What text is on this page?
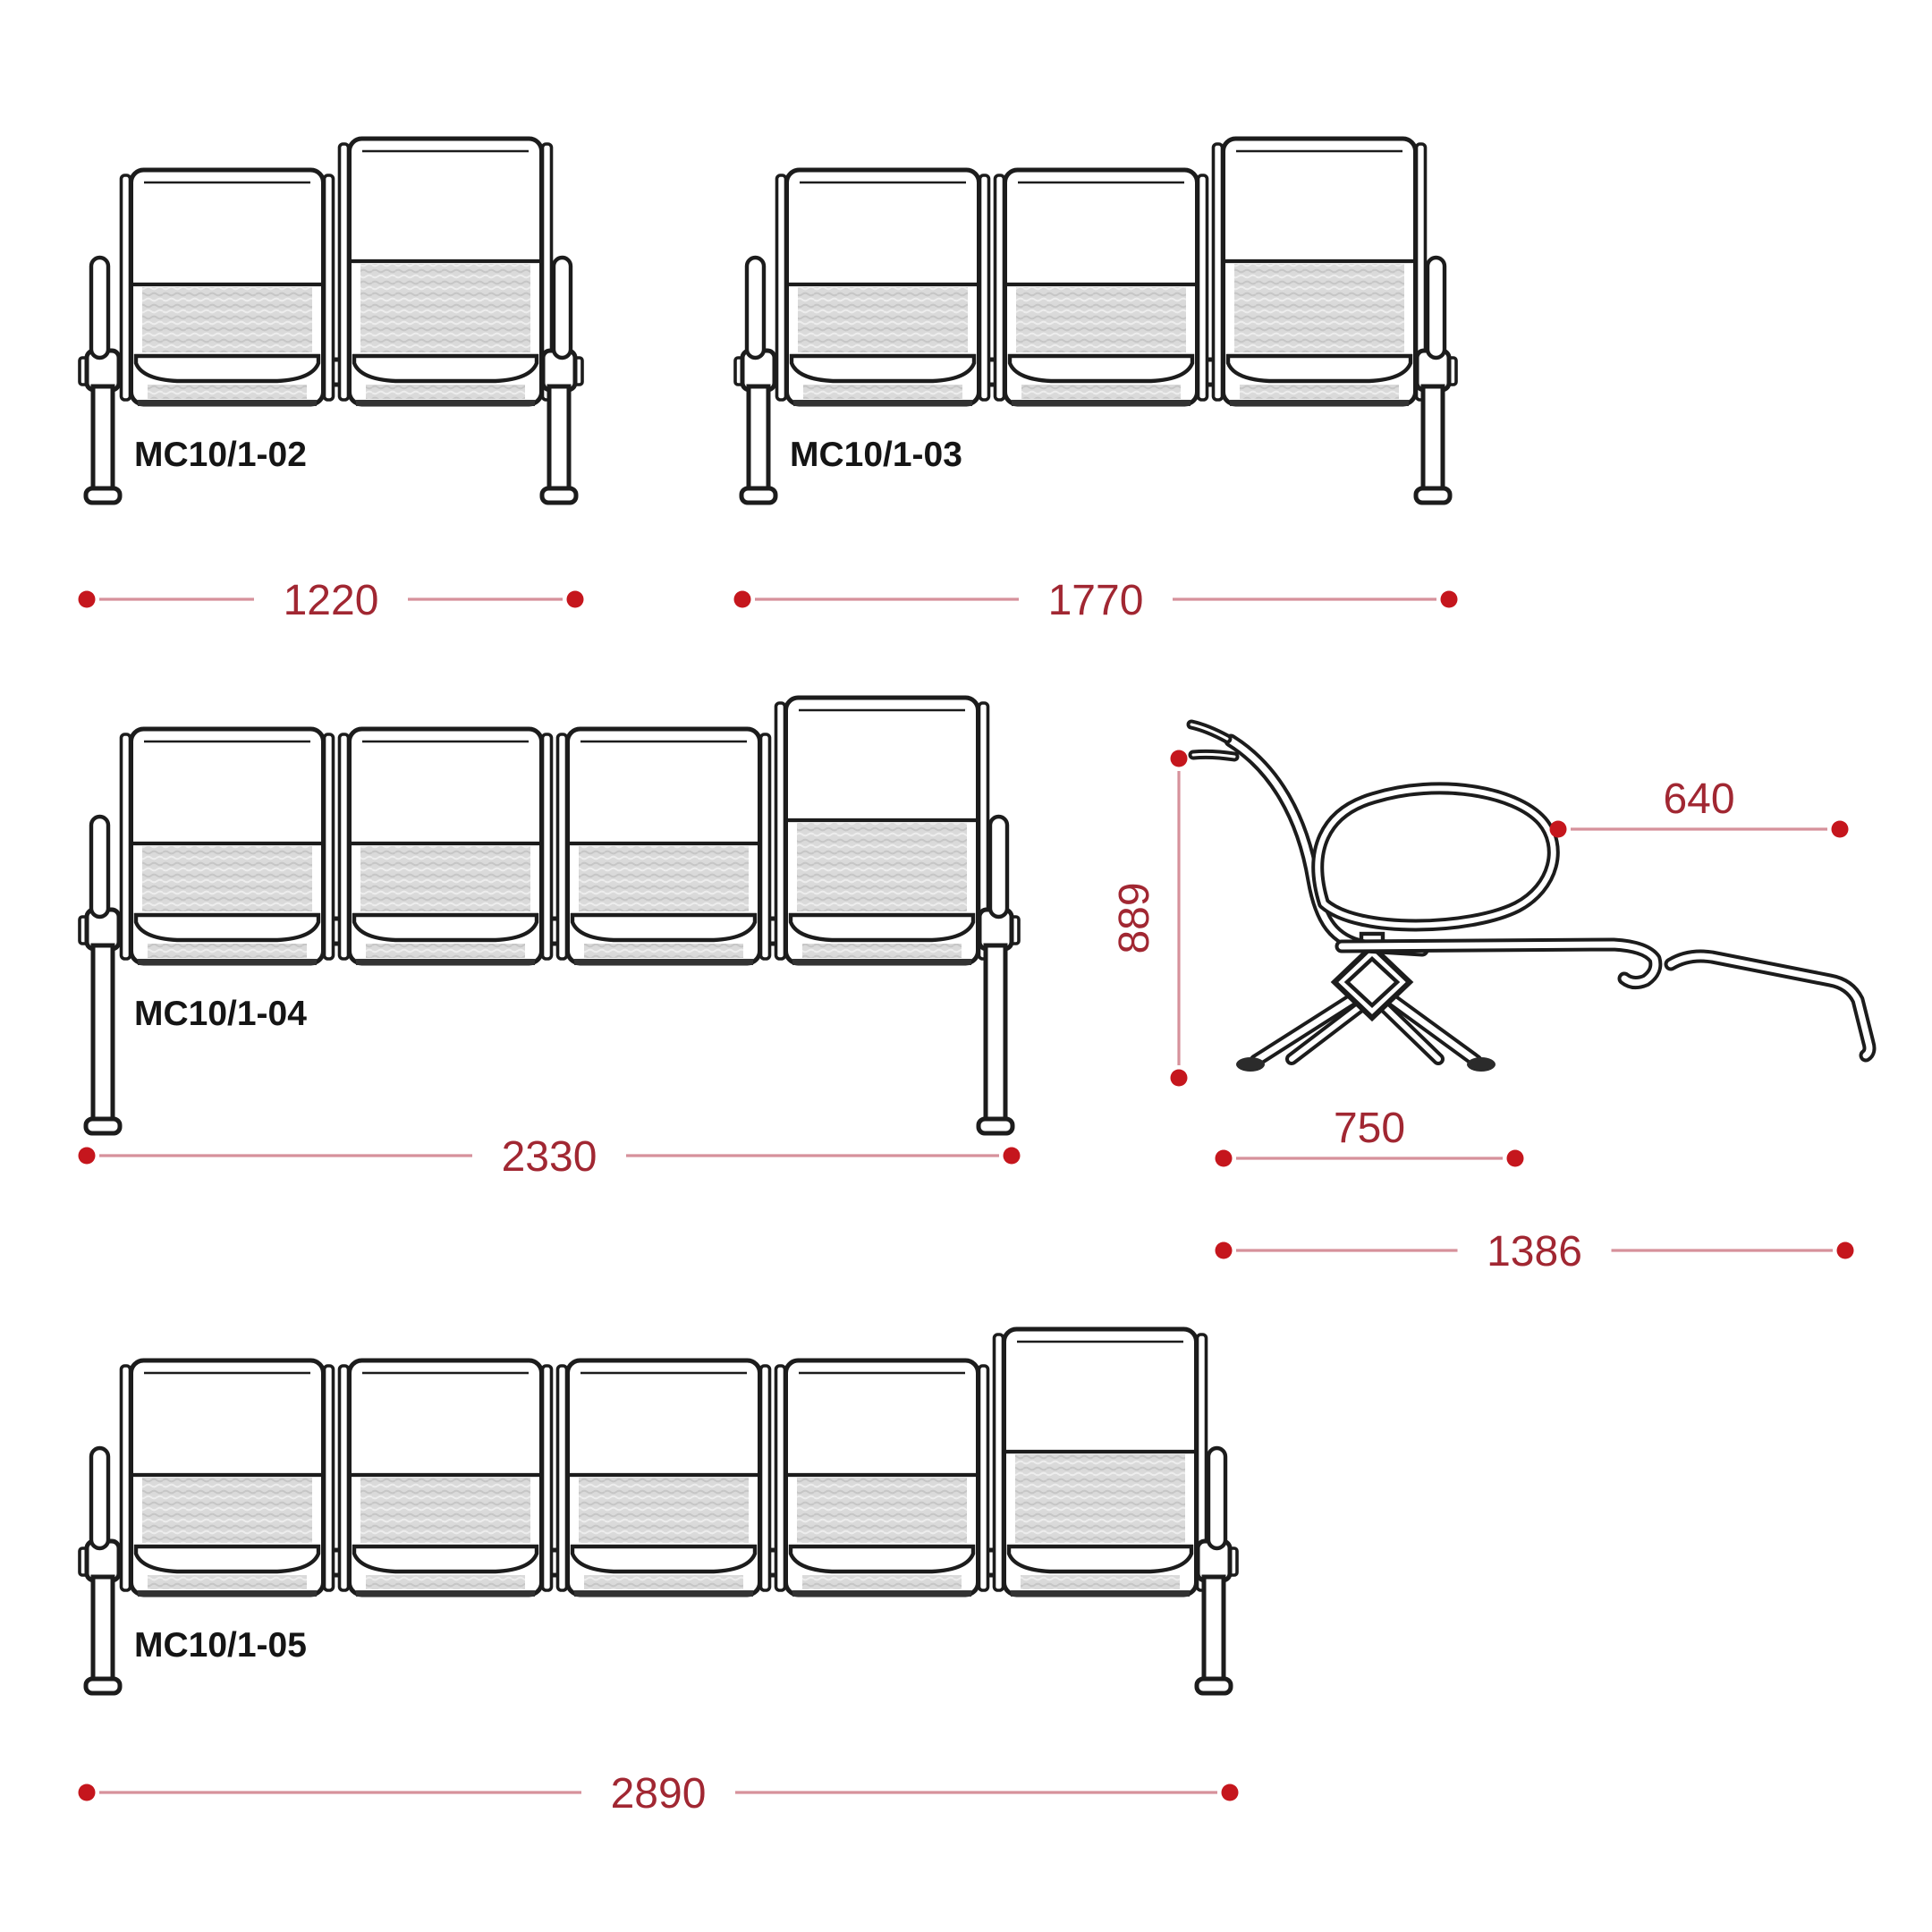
MC10/1-02
1220
MC10/1-03
1770
MC10/1-04
2330
889
640
750
1386
MC10/1-05
2890
